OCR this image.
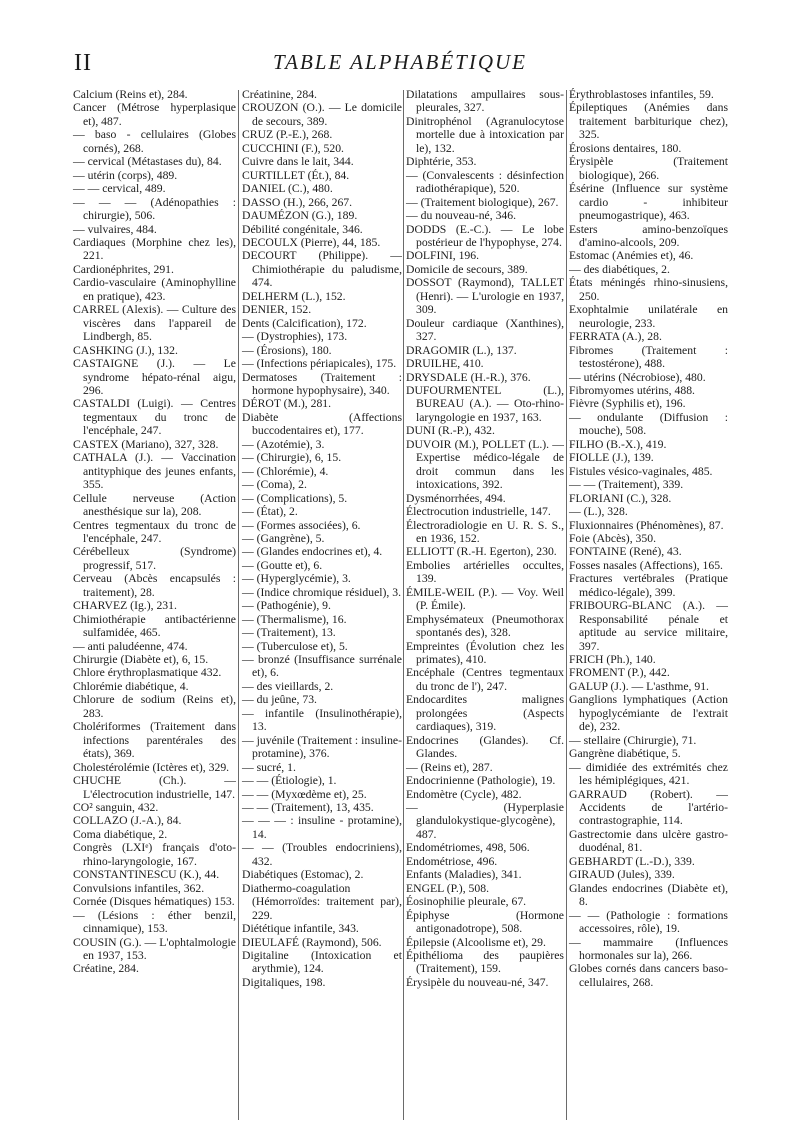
II	TABLE ALPHABÉTIQUE

Calcium (Reins et), 284.

Cancer (Métrose hyperplasique et), 487.

— baso - cellulaires (Globes cornés), 268.

— cervical (Métastases du), 84.

— utérin (corps), 489.

— — cervical, 489.

— — — (Adénopathies : chirurgie), 506.

— vulvaires, 484.

Cardiaques (Morphine chez les), 221.

Cardionéphrites, 291.

Cardio-vasculaire (Aminophylline en pratique), 423.

CARREL (Alexis). — Culture des viscères dans l'appareil de Lindbergh, 85.

CASHKING (J.), 132.

CASTAIGNE (J.). — Le syndrome hépato-rénal aigu, 296.

CASTALDI (Luigi). — Centres tegmentaux du tronc de l'encéphale, 247.

CASTEX (Mariano), 327, 328.

CATHALA (J.). — Vaccination antityphique des jeunes enfants, 355.

Cellule nerveuse (Action anesthésique sur la), 208.

Centres tegmentaux du tronc de l'encéphale, 247.

Cérébelleux (Syndrome) progressif, 517.

Cerveau (Abcès encapsulés : traitement), 28.

CHARVEZ (Ig.), 231.

Chimiothérapie antibactérienne sulfamidée, 465.

— anti paludéenne, 474.

Chirurgie (Diabète et), 6, 15.

Chlore érythroplasmatique 432.

Chlorémie diabétique, 4.

Chlorure de sodium (Reins et), 283.

Cholériformes (Traitement dans infections parentérales des états), 369.

Cholestérolémie (Ictères et), 329.

CHUCHE (Ch.). — L'électrocution industrielle, 147.

CO² sanguin, 432.

COLLAZO (J.-A.), 84.

Coma diabétique, 2.

Congrès (LXIᵉ) français d'oto-rhino-laryngologie, 167.

CONSTANTINESCU (K.), 44.

Convulsions infantiles, 362.

Cornée (Disques hématiques) 153.

— (Lésions : éther benzil, cinnamique), 153.

COUSIN (G.). — L'ophtalmologie en 1937, 153.

Créatine, 284.

Créatinine, 284.

CROUZON (O.). — Le domicile de secours, 389.

CRUZ (P.-E.), 268.

CUCCHINI (F.), 520.

Cuivre dans le lait, 344.

CURTILLET (Ét.), 84.

DANIEL (C.), 480.

DASSO (H.), 266, 267.

DAUMÉZON (G.), 189.

Débilité congénitale, 346.

DECOULX (Pierre), 44, 185.

DECOURT (Philippe). — Chimiothérapie du paludisme, 474.

DELHERM (L.), 152.

DENIER, 152.

Dents (Calcification), 172.

— (Dystrophies), 173.

— (Érosions), 180.

— (Infections périapicales), 175.

Dermatoses (Traitement : hormone hypophysaire), 340.

DÉROT (M.), 281.

Diabète (Affections buccodentaires et), 177.

— (Azotémie), 3.

— (Chirurgie), 6, 15.

— (Chlorémie), 4.

— (Coma), 2.

— (Complications), 5.

— (État), 2.

— (Formes associées), 6.

— (Gangrène), 5.

— (Glandes endocrines et), 4.

— (Goutte et), 6.

— (Hyperglycémie), 3.

— (Indice chromique résiduel), 3.

— (Pathogénie), 9.

— (Thermalisme), 16.

— (Traitement), 13.

— (Tuberculose et), 5.

— bronzé (Insuffisance surrénale et), 6.

— des vieillards, 2.

— du jeûne, 73.

— infantile (Insulinothérapie), 13.

— juvénile (Traitement : insuline-protamine), 376.

— sucré, 1.

— — (Étiologie), 1.

— — (Myxœdème et), 25.

— — (Traitement), 13, 435.

— — — : insuline - protamine), 14.

— — (Troubles endocriniens), 432.

Diabétiques (Estomac), 2.

Diathermo-coagulation (Hémorroïdes: traitement par), 229.

Diététique infantile, 343.

DIEULAFÉ (Raymond), 506.

Digitaline (Intoxication et arythmie), 124.

Digitaliques, 198.

Dilatations ampullaires sous-pleurales, 327.

Dinitrophénol (Agranulocytose mortelle due à intoxication par le), 132.

Diphtérie, 353.

— (Convalescents : désinfection radiothérapique), 520.

— (Traitement biologique), 267.

— du nouveau-né, 346.

DODDS (E.-C.). — Le lobe postérieur de l'hypophyse, 274.

DOLFINI, 196.

Domicile de secours, 389.

DOSSOT (Raymond), TALLET (Henri). — L'urologie en 1937, 309.

Douleur cardiaque (Xanthines), 327.

DRAGOMIR (L.), 137.

DRUILHE, 410.

DRYSDALE (H.-R.), 376.

DUFOURMENTEL (L.), BUREAU (A.). — Oto-rhino-laryngologie en 1937, 163.

DUNI (R.-P.), 432.

DUVOIR (M.), POLLET (L.). — Expertise médico-légale de droit commun dans les intoxications, 392.

Dysménorrhées, 494.

Électrocution industrielle, 147.

Électroradiologie en U. R. S. S., en 1936, 152.

ELLIOTT (R.-H. Egerton), 230.

Embolies artérielles occultes, 139.

ÉMILE-WEIL (P.). — Voy. Weil (P. Émile).

Emphysémateux (Pneumothorax spontanés des), 328.

Empreintes (Évolution chez les primates), 410.

Encéphale (Centres tegmentaux du tronc de l'), 247.

Endocardites malignes prolongées (Aspects cardiaques), 319.

Endocrines (Glandes). Cf. Glandes.

— (Reins et), 287.

Endocrinienne (Pathologie), 19.

Endomètre (Cycle), 482.

— (Hyperplasie glandulokystique-glycogène), 487.

Endométriomes, 498, 506.

Endométriose, 496.

Enfants (Maladies), 341.

ENGEL (P.), 508.

Éosinophilie pleurale, 67.

Épiphyse (Hormone antigonadotrope), 508.

Épilepsie (Alcoolisme et), 29.

Épithélioma des paupières (Traitement), 159.

Érysipèle du nouveau-né, 347.

Érythroblastoses infantiles, 59.

Épileptiques (Anémies dans traitement barbiturique chez), 325.

Érosions dentaires, 180.

Érysipèle (Traitement biologique), 266.

Ésérine (Influence sur système cardio - inhibiteur pneumogastrique), 463.

Esters amino-benzoïques d'amino-alcools, 209.

Estomac (Anémies et), 46.

— des diabétiques, 2.

États méningés rhino-sinusiens, 250.

Exophtalmie unilatérale en neurologie, 233.

FERRATA (A.), 28.

Fibromes (Traitement : testostérone), 488.

— utérins (Nécrobiose), 480.

Fibromyomes utérins, 488.

Fièvre (Syphilis et), 196.

— ondulante (Diffusion : mouche), 508.

FILHO (B.-X.), 419.

FIOLLE (J.), 139.

Fistules vésico-vaginales, 485.

— — (Traitement), 339.

FLORIANI (C.), 328.

— (L.), 328.

Fluxionnaires (Phénomènes), 87.

Foie (Abcès), 350.

FONTAINE (René), 43.

Fosses nasales (Affections), 165.

Fractures vertébrales (Pratique médico-légale), 399.

FRIBOURG-BLANC (A.). — Responsabilité pénale et aptitude au service militaire, 397.

FRICH (Ph.), 140.

FROMENT (P.), 442.

GALUP (J.). — L'asthme, 91.

Ganglions lymphatiques (Action hypoglycémiante de l'extrait de), 232.

— stellaire (Chirurgie), 71.

Gangrène diabétique, 5.

— dimidiée des extrémités chez les hémiplégiques, 421.

GARRAUD (Robert). — Accidents de l'artério-contrastographie, 114.

Gastrectomie dans ulcère gastro-duodénal, 81.

GEBHARDT (L.-D.), 339.

GIRAUD (Jules), 339.

Glandes endocrines (Diabète et), 8.

— — (Pathologie : formations accessoires, rôle), 19.

— mammaire (Influences hormonales sur la), 266.

Globes cornés dans cancers baso-cellulaires, 268.
